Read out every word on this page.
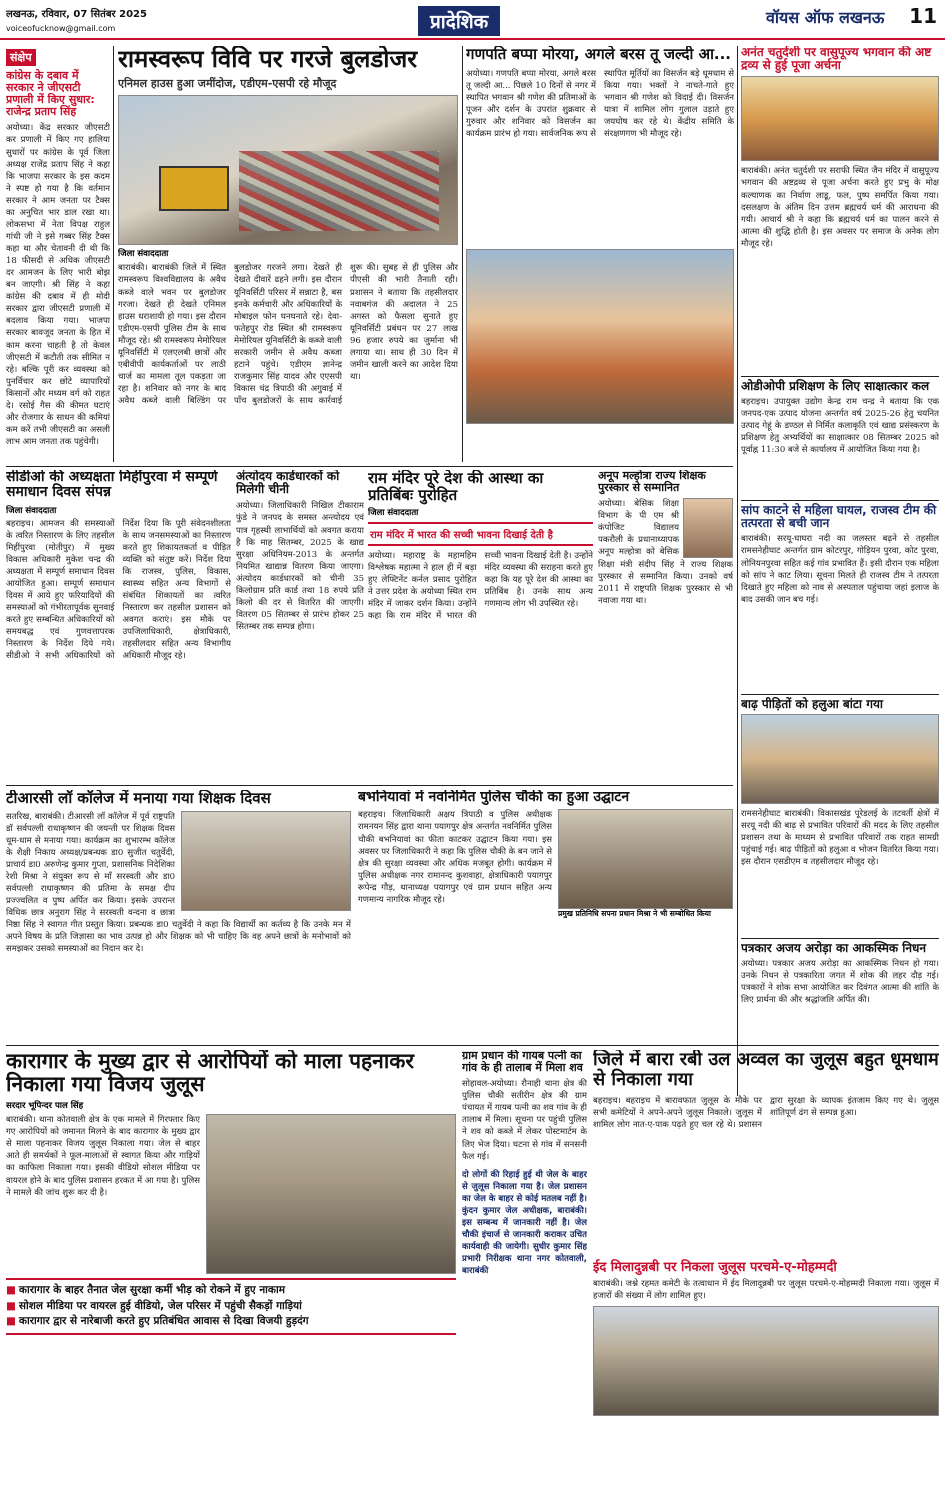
लखनऊ, रविवार, 07 सितंबर 2025
voiceofucknow@gmail.com	प्रादेशिक	वॉयस ऑफ लखनऊ 11
संक्षेप
कांग्रेस के दबाव में सरकार ने जीएसटी प्रणाली में किए सुधार: राजेन्द्र प्रताप सिंह
अयोध्या। केंद्र सरकार जीएसटी कर प्रणाली में किए गए हालिया सुधारों पर कांग्रेस के पूर्व जिला अध्यक्ष राजेंद्र प्रताप सिंह ने कहा कि भाजपा सरकार के इस कदम ने स्पष्ट हो गया है कि वर्तमान सरकार ने आम जनता पर टैक्स का अनुचित भार डाल रखा था। लोकसभा में नेता विपक्ष राहुल गांधी जी ने इसे गब्बर सिंह टैक्स कहा था और चेतावनी दी थी कि 18 फीसदी से अधिक जीएसटी दर आमजन के लिए भारी बोझ बन जाएगी। श्री सिंह ने कहा कांग्रेस की दबाव में ही मोदी सरकार द्वारा जीएसटी प्रणाली में बदलाव किया गया। भाजपा सरकार बावजूद जनता के हित में काम करना चाहती है तो केवल जीएसटी में कटौती तक सीमित न रहे। बल्कि पूरी कर व्यवस्था को पुनर्विचार कर छोटे व्यापारियों किसानों और मध्यम वर्ग को राहत दे। रसोई गैस की कीमत घटाएं और रोजगार के साधन की कमियां कम करें तभी जीएसटी का असली लाभ आम जनता तक पहुंचेगी।
रामस्वरूप विवि पर गरजे बुलडोजर
एनिमल हाउस हुआ जमींदोज, एडीएम-एसपी रहे मौजूद
जिला संवाददाता
बाराबंकी। बाराबंकी जिले में स्थित रामस्वरूप विश्वविद्यालय के अवैध कब्जे वाले भवन पर बुलडोजर गरजा। देखते ही देखते एनिमल हाउस धराशायी हो गया। इस दौरान एडीएम-एसपी पुलिस टीम के साथ मौजूद रहे। श्री रामस्वरूप मेमोरियल यूनिवर्सिटी में एलएलबी छात्रों और एबीवीपी कार्यकर्ताओं पर लाठी चार्ज का मामला तूल पकड़ता जा रहा है। शनिवार को नगर के बाद अवैध कब्जे वाली बिल्डिंग पर बुलडोजर गरजने लगा। देखते ही देखते दीवारें ढहने लगी। इस दौरान यूनिवर्सिटी परिसर में सन्नाटा है, बस इनके कर्मचारी और अधिकारियों के मोबाइल फोन घनघनाते रहे। देवा-फतेहपुर रोड स्थित श्री रामस्वरूप मेमोरियल यूनिवर्सिटी के कब्जे वाली सरकारी जमीन से अवैध कब्जा हटाने पहुंचे। एडीएम ज्ञानेन्द्र राजकुमार सिंह यादव और एएसपी विकास चंद्र त्रिपाठी की अगुवाई में पाँच बुलडोजरों के साथ कार्रवाई शुरू की। सुबह से ही पुलिस और पीएसी की भारी तैनाती रही। प्रशासन ने बताया कि तहसीलदार नवाबगंज की अदालत ने 25 अगस्त को फैसला सुनाते हुए यूनिवर्सिटी प्रबंधन पर 27 लाख 96 हजार रुपये का जुर्माना भी लगाया था। साथ ही 30 दिन में जमीन खाली करने का आदेश दिया था।
गणपति बप्पा मोरया, अगले बरस तू जल्दी आ...
अयोध्या। गणपति बप्पा मोरया, अगले बरस तू जल्दी आ... पिछले 10 दिनों से नगर में स्थापित भगवान श्री गणेश की प्रतिमाओं के पूजन और दर्शन के उपरांत शुक्रवार से गुरुवार और शनिवार को विसर्जन का कार्यक्रम प्रारंभ हो गया। सार्वजनिक रूप से स्थापित मूर्तियों का विसर्जन बड़े धूमधाम से किया गया। भक्तों ने नाचते-गाते हुए भगवान श्री गणेश को विदाई दी। विसर्जन यात्रा में शामिल लोग गुलाल उड़ाते हुए जयघोष कर रहे थे। केंद्रीय समिति के संरक्षणगण भी मौजूद रहे।
अनंत चतुर्दशी पर वासुपूज्य भगवान की अष्ट द्रव्य से हुई पूजा अर्चना
बाराबंकी। अनंत चतुर्दशी पर सराफी स्थित जैन मंदिर में वासुपूज्य भगवान की अष्टद्रव्य से पूजा अर्चना करते हुए प्रभु के मोक्ष कल्याणक का निर्वाण लाडू, फल, पुष्प समर्पित किया गया। दसलक्षण के अंतिम दिन उत्तम ब्रह्मचर्य धर्म की आराधना की गयी। आचार्य श्री ने कहा कि ब्रह्मचर्य धर्म का पालन करने से आत्मा की शुद्धि होती है। इस अवसर पर समाज के अनेक लोग मौजूद रहे।
ओडीओपी प्रशिक्षण के लिए साक्षात्कार कल
बहराइच। उपायुक्त उद्योग केन्द्र राम चन्द्र ने बताया कि एक जनपद-एक उत्पाद योजना अन्तर्गत वर्ष 2025-26 हेतु चयनित उत्पाद गेहूं के डण्ठल से निर्मित कलाकृति एवं खाद्य प्रसंस्करण के प्रशिक्षण हेतु अभ्यर्थियों का साक्षात्कार 08 सितम्बर 2025 को पूर्वाह्न 11:30 बजे से कार्यालय में आयोजित किया गया है।
सांप काटने से महिला घायल, राजस्व टीम की तत्परता से बची जान
बाराबंकी। सरयू-घाघरा नदी का जलस्तर बढ़ने से तहसील रामसनेहीघाट अन्तर्गत ग्राम कोटरपुर, गोड़ियन पुरवा, कोट पुरवा, लोनियनपुरवा सहित कई गांव प्रभावित हैं। इसी दौरान एक महिला को सांप ने काट लिया। सूचना मिलते ही राजस्व टीम ने तत्परता दिखाते हुए महिला को नाव से अस्पताल पहुंचाया जहां इलाज के बाद उसकी जान बच गई।
बाढ़ पीड़ितों को हलुआ बांटा गया
रामसनेहीघाट बाराबंकी। विकासखंड पूरेडलई के तटवर्ती क्षेत्रों में सरयू नदी की बाढ़ से प्रभावित परिवारों की मदद के लिए तहसील प्रशासन तथा के माध्यम से प्रभावित परिवारों तक राहत सामग्री पहुंचाई गई। बाढ़ पीड़ितों को हलुआ व भोजन वितरित किया गया। इस दौरान एसडीएम व तहसीलदार मौजूद रहे।
पत्रकार अजय अरोड़ा का आकस्मिक निधन
अयोध्या। पत्रकार अजय अरोड़ा का आकस्मिक निधन हो गया। उनके निधन से पत्रकारिता जगत में शोक की लहर दौड़ गई। पत्रकारों ने शोक सभा आयोजित कर दिवंगत आत्मा की शांति के लिए प्रार्थना की और श्रद्धांजलि अर्पित की।
सीडीओ की अध्यक्षता मिहींपुरवा में सम्पूर्ण समाधान दिवस संपन्न
जिला संवाददाता
बहराइच। आमजन की समस्याओं के त्वरित निस्तारण के लिए तहसील मिहींपुरवा (मोतीपुर) में मुख्य विकास अधिकारी मुकेश चन्द्र की अध्यक्षता में सम्पूर्ण समाधान दिवस आयोजित हुआ। सम्पूर्ण समाधान दिवस में आये हुए फरियादियों की समस्याओं को गंभीरतापूर्वक सुनवाई करते हुए सम्बन्धित अधिकारियों को समयबद्ध एवं गुणवत्तापरक निस्तारण के निर्देश दिये गये। सीडीओ ने सभी अधिकारियों को निर्देश दिया कि पूरी संवेदनशीलता के साथ जनसमस्याओं का निस्तारण करते हुए शिकायतकर्ता व पीड़ित व्यक्ति को संतुष्ट करें। निर्देश दिया कि राजस्व, पुलिस, विकास, स्वास्थ्य सहित अन्य विभागों से संबंधित शिकायतों का त्वरित निस्तारण कर तहसील प्रशासन को अवगत कराएं। इस मौके पर उपजिलाधिकारी, क्षेत्राधिकारी, तहसीलदार सहित अन्य विभागीय अधिकारी मौजूद रहे।
अंत्योदय कार्डधारकों को मिलेगी चीनी
अयोध्या। जिलाधिकारी निखिल टीकाराम फुंडे ने जनपद के समस्त अन्त्योदय एवं पात्र गृहस्थी लाभार्थियों को अवगत कराया है कि माह सितम्बर, 2025 के खाद्य सुरक्षा अधिनियम-2013 के अन्तर्गत नियमित खाद्यान्न वितरण किया जाएगा। अंत्योदय कार्डधारकों को चीनी 35 किलोग्राम प्रति कार्ड तथा 18 रुपये प्रति किलो की दर से वितरित की जाएगी। वितरण 05 सितम्बर से प्रारंभ होकर 25 सितम्बर तक सम्पन्न होगा।
राम मंदिर पूरे देश की आस्था का प्रतिबिंबः पुरोहित
जिला संवाददाता
राम मंदिर में भारत की सच्ची भावना दिखाई देती है
अयोध्या। महाराष्ट्र के महामहिम विश्लेषक महात्मा ने हाल ही में बड़ा हुए लेफ्टिनेंट कर्नल प्रसाद पुरोहित ने उत्तर प्रदेश के अयोध्या स्थित राम मंदिर में जाकर दर्शन किया। उन्होंने कहा कि राम मंदिर में भारत की सच्ची भावना दिखाई देती है। उन्होंने मंदिर व्यवस्था की सराहना करते हुए कहा कि यह पूरे देश की आस्था का प्रतिबिंब है। उनके साथ अन्य गणमान्य लोग भी उपस्थित रहे।
अनूप मल्होत्रा राज्य शिक्षक पुरस्कार से सम्मानित
अयोध्या। बेसिक शिक्षा विभाग के पी एम श्री कंपोजिट विद्यालय पकरौली के प्रधानाध्यापक अनूप मल्होत्रा को बेसिक शिक्षा मंत्री संदीप सिंह ने राज्य शिक्षक पुरस्कार से सम्मानित किया। उनको वर्ष 2011 में राष्ट्रपति शिक्षक पुरस्कार से भी नवाजा गया था।
टीआरसी लॉ कॉलेज में मनाया गया शिक्षक दिवस
सतरिख, बाराबंकी। टीआरसी लॉ कॉलेज में पूर्व राष्ट्रपति डॉ सर्वपल्ली राधाकृष्णन की जयन्ती पर शिक्षक दिवस धूम-धाम से मनाया गया। कार्यक्रम का शुभारम्भ कॉलेज के शैक्षी निकाय अध्यक्ष/प्रबन्धक डा0 सुजीत चतुर्वेदी, प्राचार्य डा0 अरुणेन्द्र कुमार गुप्ता, प्रशासनिक निदेशिका रेशी मिश्रा ने संयुक्त रूप से माँ सरस्वती और डा0 सर्वपल्ली राधाकृष्णन की प्रतिमा के समक्ष दीप प्रज्ज्वलित व पुष्प अर्पित कर किया। इसके उपरान्त विधिक छात्र अनुराग सिंह ने सरस्वती वन्दना व छात्रा निष्ठा सिंह ने स्वागत गीत प्रस्तुत किया। प्रबन्धक डा0 चतुर्वेदी ने कहा कि विद्यार्थी का कर्तव्य है कि उनके मन में अपने विषय के प्रति जिज्ञासा का भाव उत्पन्न हो और शिक्षक को भी चाहिए कि वह अपने छात्रों के मनोभावों को समझकर उसको समस्याओं का निदान कर दे।
बभनियावां में नवनिर्मित पुलिस चौकी का हुआ उद्घाटन
प्रमुख प्रतिनिधि सपना प्रधान मिश्रा ने भी सम्बोधित किया
बहराइच। जिलाधिकारी अक्षय त्रिपाठी व पुलिस अधीक्षक रामनयन सिंह द्वारा थाना पयागपुर क्षेत्र अन्तर्गत नवनिर्मित पुलिस चौकी बभनियावां का फीता काटकर उद्घाटन किया गया। इस अवसर पर जिलाधिकारी ने कहा कि पुलिस चौकी के बन जाने से क्षेत्र की सुरक्षा व्यवस्था और अधिक मजबूत होगी। कार्यक्रम में पुलिस अधीक्षक नगर रामानन्द कुशवाहा, क्षेत्राधिकारी पयागपुर रूपेन्द्र गौड़, थानाध्यक्ष पयागपुर एवं ग्राम प्रधान सहित अन्य गणमान्य नागरिक मौजूद रहे।
कारागार के मुख्य द्वार से आरोपियों को माला पहनाकर निकाला गया विजय जुलूस
सरदार भूपिन्दर पाल सिंह
बाराबंकी। थाना कोतवाली क्षेत्र के एक मामले में गिरफ्तार किए गए आरोपियों को जमानत मिलने के बाद कारागार के मुख्य द्वार से माला पहनाकर विजय जुलूस निकाला गया। जेल से बाहर आते ही समर्थकों ने फूल-मालाओं से स्वागत किया और गाड़ियों का काफिला निकाला गया। इसकी वीडियो सोशल मीडिया पर वायरल होने के बाद पुलिस प्रशासन हरकत में आ गया है। पुलिस ने मामले की जांच शुरू कर दी है।
■ कारागार के बाहर तैनात जेल सुरक्षा कर्मी भीड़ को रोकने में हुए नाकाम
■ सोशल मीडिया पर वायरल हुई वीडियो, जेल परिसर में पहुंची सैकड़ों गाड़ियां
■ कारागार द्वार से नारेबाजी करते हुए प्रतिबंधित आवास से दिखा विजयी हुड़दंग
ग्राम प्रधान की गायब पत्नी का गांव के ही तालाब में मिला शव
सोहावल-अयोध्या। रौनाही थाना क्षेत्र की पुलिस चौकी सतीरीन क्षेत्र की ग्राम पंचायत में गायब पत्नी का शव गांव के ही तालाब में मिला। सूचना पर पहुंची पुलिस ने शव को कब्जे में लेकर पोस्टमार्टम के लिए भेज दिया। घटना से गांव में सनसनी फैल गई।
दो लोगों की रिहाई हुई थी जेल के बाहर से जुलूस निकाला गया है। जेल प्रशासन का जेल के बाहर से कोई मतलब नहीं है। कुंदन कुमार जेल अधीक्षक, बाराबंकी। इस सम्बन्ध में जानकारी नहीं है। जेल चौकी इंचार्ज से जानकारी कराकर उचित कार्यवाही की जायेगी। सुधीर कुमार सिंह प्रभारी निरीक्षक थाना नगर कोतवाली, बाराबंकी
जिले में बारा रबी उल अव्वल का जुलूस बहुत धूमधाम से निकाला गया
बहराइच। बहराइच में बारावफात जुलूस के मौके पर सभी कमेटियों ने अपने-अपने जुलूस निकाले। जुलूस में शामिल लोग नात-ए-पाक पढ़ते हुए चल रहे थे। प्रशासन द्वारा सुरक्षा के व्यापक इंतजाम किए गए थे। जुलूस शांतिपूर्ण ढंग से सम्पन्न हुआ।
ईद मिलादुन्नबी पर निकला जुलूस परचमे-ए-मोहम्मदी
बाराबंकी। जश्ने रहमत कमेटी के तत्वाधान में ईद मिलादुन्नबी पर जुलूस परचमे-ए-मोहम्मदी निकाला गया। जुलूस में हजारों की संख्या में लोग शामिल हुए।
